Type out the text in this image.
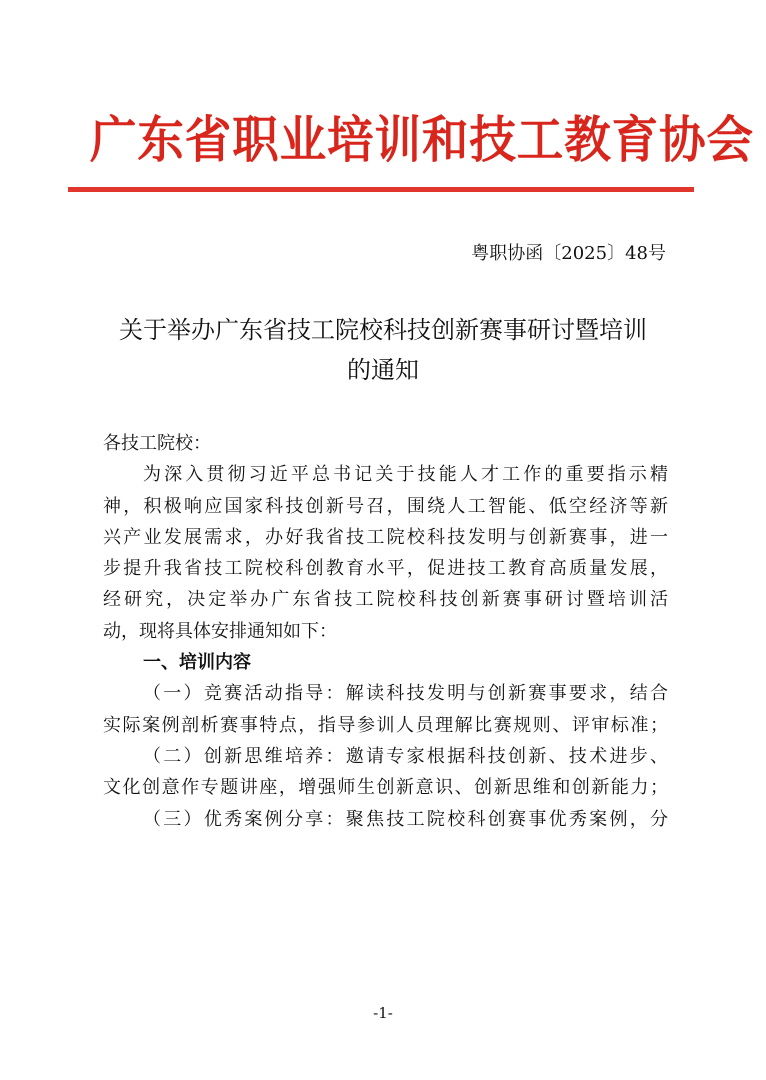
广东省职业培训和技工教育协会
粤职协函〔2025〕48号
关于举办广东省技工院校科技创新赛事研讨暨培训
的通知
各技工院校：
为深入贯彻习近平总书记关于技能人才工作的重要指示精
神，积极响应国家科技创新号召，围绕人工智能、低空经济等新
兴产业发展需求，办好我省技工院校科技发明与创新赛事，进一
步提升我省技工院校科创教育水平，促进技工教育高质量发展，
经研究，决定举办广东省技工院校科技创新赛事研讨暨培训活
动，现将具体安排通知如下：
一、培训内容
（一）竞赛活动指导：解读科技发明与创新赛事要求，结合
实际案例剖析赛事特点，指导参训人员理解比赛规则、评审标准；
（二）创新思维培养：邀请专家根据科技创新、技术进步、
文化创意作专题讲座，增强师生创新意识、创新思维和创新能力；
（三）优秀案例分享：聚焦技工院校科创赛事优秀案例，分
-1-
